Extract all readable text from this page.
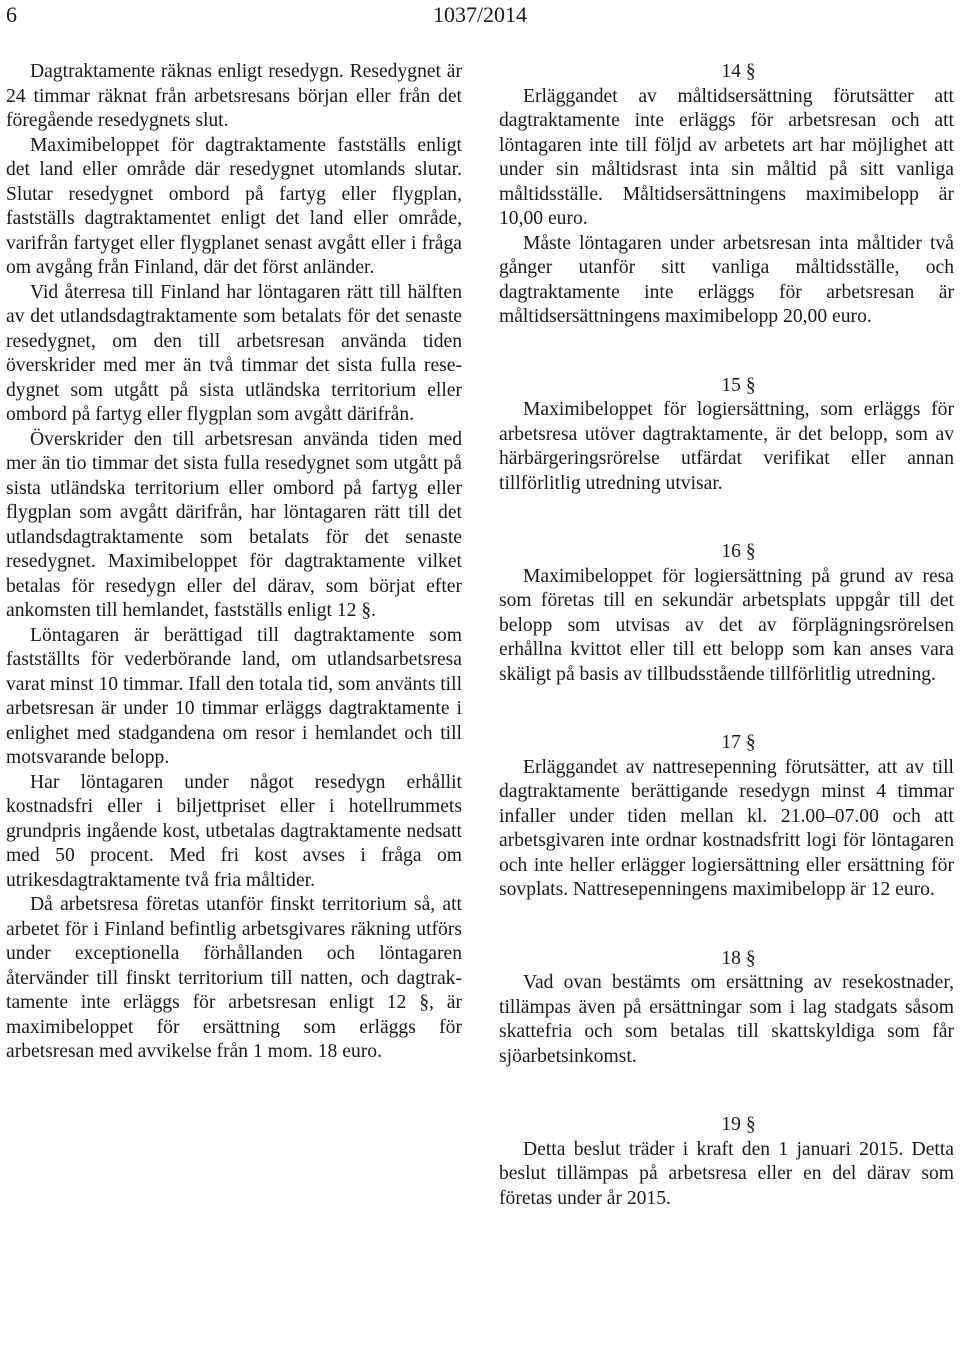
6	1037/2014

Dagtraktamente räknas enligt resedygn. Resedygnet är 24 timmar räknat från arbetsresans början eller från det föregående resedygnets slut.

Maximibeloppet för dagtraktamente fastställs enligt det land eller område där resedygnet utomlands slutar. Slutar resedygnet ombord på fartyg eller flygplan, fastställs dagtraktamentet enligt det land eller område, varifrån fartyget eller flygplanet senast avgått eller i fråga om avgång från Finland, där det först anländer.

Vid återresa till Finland har löntagaren rätt till hälften av det utlandsdagtraktamente som betalats för det senaste resedygnet, om den till arbetsresan använda tiden överskrider med mer än två timmar det sista fulla resedygnet som utgått på sista utländska territorium eller ombord på fartyg eller flygplan som avgått därifrån.

Överskrider den till arbetsresan använda tiden med mer än tio timmar det sista fulla resedygnet som utgått på sista utländska territorium eller ombord på fartyg eller flygplan som avgått därifrån, har löntagaren rätt till det utlandsdagtraktamente som betalats för det senaste resedygnet. Maximibeloppet för dagtraktamente vilket betalas för resedygn eller del därav, som börjat efter ankomsten till hemlandet, fastställs enligt 12 §.

Löntagaren är berättigad till dagtraktamente som fastställts för vederbörande land, om utlandsarbetsresa varat minst 10 timmar. Ifall den totala tid, som använts till arbetsresan är under 10 timmar erläggs dagtraktamente i enlighet med stadgandena om resor i hemlandet och till motsvarande belopp.

Har löntagaren under något resedygn erhållit kostnadsfri eller i biljettpriset eller i hotellrummets grundpris ingående kost, utbetalas dagtraktamente nedsatt med 50 procent. Med fri kost avses i fråga om utrikesdagtraktamente två fria måltider.

Då arbetsresa företas utanför finskt territorium så, att arbetet för i Finland befintlig arbetsgivares räkning utförs under exceptionella förhållanden och löntagaren återvänder till finskt territorium till natten, och dagtraktamente inte erläggs för arbetsresan enligt 12 §, är maximibeloppet för ersättning som erläggs för arbetsresan med avvikelse från 1 mom. 18 euro.

14 §

Erläggandet av måltidsersättning förutsätter att dagtraktamente inte erläggs för arbetsresan och att löntagaren inte till följd av arbetets art har möjlighet att under sin måltidsrast inta sin måltid på sitt vanliga måltidsställe. Måltidsersättningens maximibelopp är 10,00 euro.

Måste löntagaren under arbetsresan inta måltider två gånger utanför sitt vanliga måltidsställe, och dagtraktamente inte erläggs för arbetsresan är måltidsersättningens maximibelopp 20,00 euro.

15 §

Maximibeloppet för logiersättning, som erläggs för arbetsresa utöver dagtraktamente, är det belopp, som av härbärgeringsrörelse utfärdat verifikat eller annan tillförlitlig utredning utvisar.

16 §

Maximibeloppet för logiersättning på grund av resa som företas till en sekundär arbetsplats uppgår till det belopp som utvisas av det av förplägningsrörelsen erhållna kvittot eller till ett belopp som kan anses vara skäligt på basis av tillbudsstående tillförlitlig utredning.

17 §

Erläggandet av nattresepenning förutsätter, att av till dagtraktamente berättigande resedygn minst 4 timmar infaller under tiden mellan kl. 21.00–07.00 och att arbetsgivaren inte ordnar kostnadsfritt logi för löntagaren och inte heller erlägger logiersättning eller ersättning för sovplats. Nattresepenningens maximibelopp är 12 euro.

18 §

Vad ovan bestämts om ersättning av resekostnader, tillämpas även på ersättningar som i lag stadgats såsom skattefria och som betalas till skattskyldiga som får sjöarbetsinkomst.

19 §

Detta beslut träder i kraft den 1 januari 2015. Detta beslut tillämpas på arbetsresa eller en del därav som företas under år 2015.
